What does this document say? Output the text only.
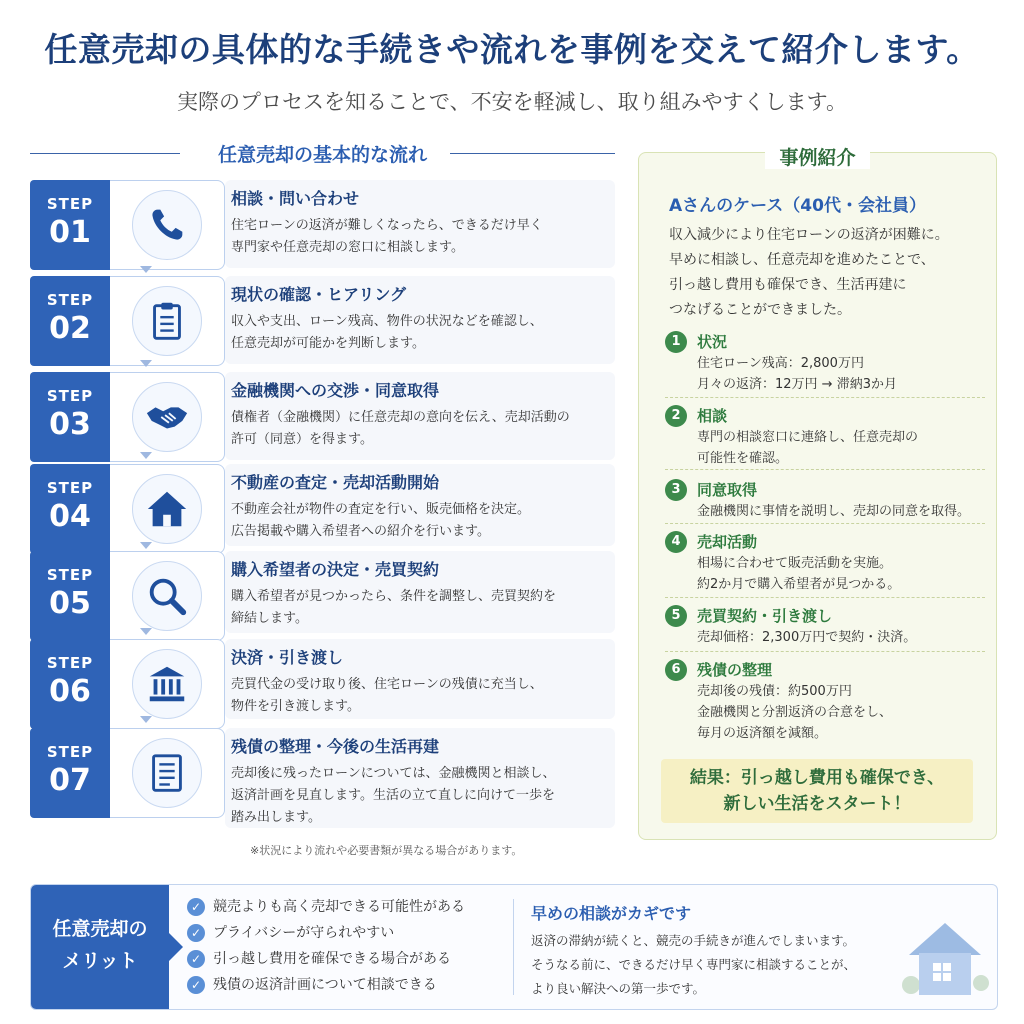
任意売却の具体的な手続きや流れを事例を交えて紹介します。
実際のプロセスを知ることで、不安を軽減し、取り組みやすくします。
任意売却の基本的な流れ
STEP
01
相談・問い合わせ
住宅ローンの返済が難しくなったら、できるだけ早く
専門家や任意売却の窓口に相談します。
STEP
02
現状の確認・ヒアリング
収入や支出、ローン残高、物件の状況などを確認し、
任意売却が可能かを判断します。
STEP
03
金融機関への交渉・同意取得
債権者（金融機関）に任意売却の意向を伝え、売却活動の
許可（同意）を得ます。
STEP
04
不動産の査定・売却活動開始
不動産会社が物件の査定を行い、販売価格を決定。
広告掲載や購入希望者への紹介を行います。
STEP
05
購入希望者の決定・売買契約
購入希望者が見つかったら、条件を調整し、売買契約を
締結します。
STEP
06
決済・引き渡し
売買代金の受け取り後、住宅ローンの残債に充当し、
物件を引き渡します。
STEP
07
残債の整理・今後の生活再建
売却後に残ったローンについては、金融機関と相談し、
返済計画を見直します。生活の立て直しに向けて一歩を
踏み出します。
※状況により流れや必要書類が異なる場合があります。
事例紹介
Aさんのケース（40代・会社員）
収入減少により住宅ローンの返済が困難に。
早めに相談し、任意売却を進めたことで、
引っ越し費用も確保でき、生活再建に
つなげることができました。
1	状況
住宅ローン残高：2,800万円
月々の返済：12万円 → 滞納3か月
2	相談
専門の相談窓口に連絡し、任意売却の
可能性を確認。
3	同意取得
金融機関に事情を説明し、売却の同意を取得。
4	売却活動
相場に合わせて販売活動を実施。
約2か月で購入希望者が見つかる。
5	売買契約・引き渡し
売却価格：2,300万円で契約・決済。
6	残債の整理
売却後の残債：約500万円
金融機関と分割返済の合意をし、
毎月の返済額を減額。
結果：引っ越し費用も確保でき、
新しい生活をスタート！
任意売却の
メリット
✓ 競売よりも高く売却できる可能性がある
✓ プライバシーが守られやすい
✓ 引っ越し費用を確保できる場合がある
✓ 残債の返済計画について相談できる
早めの相談がカギです
返済の滞納が続くと、競売の手続きが進んでしまいます。
そうなる前に、できるだけ早く専門家に相談することが、
より良い解決への第一歩です。
